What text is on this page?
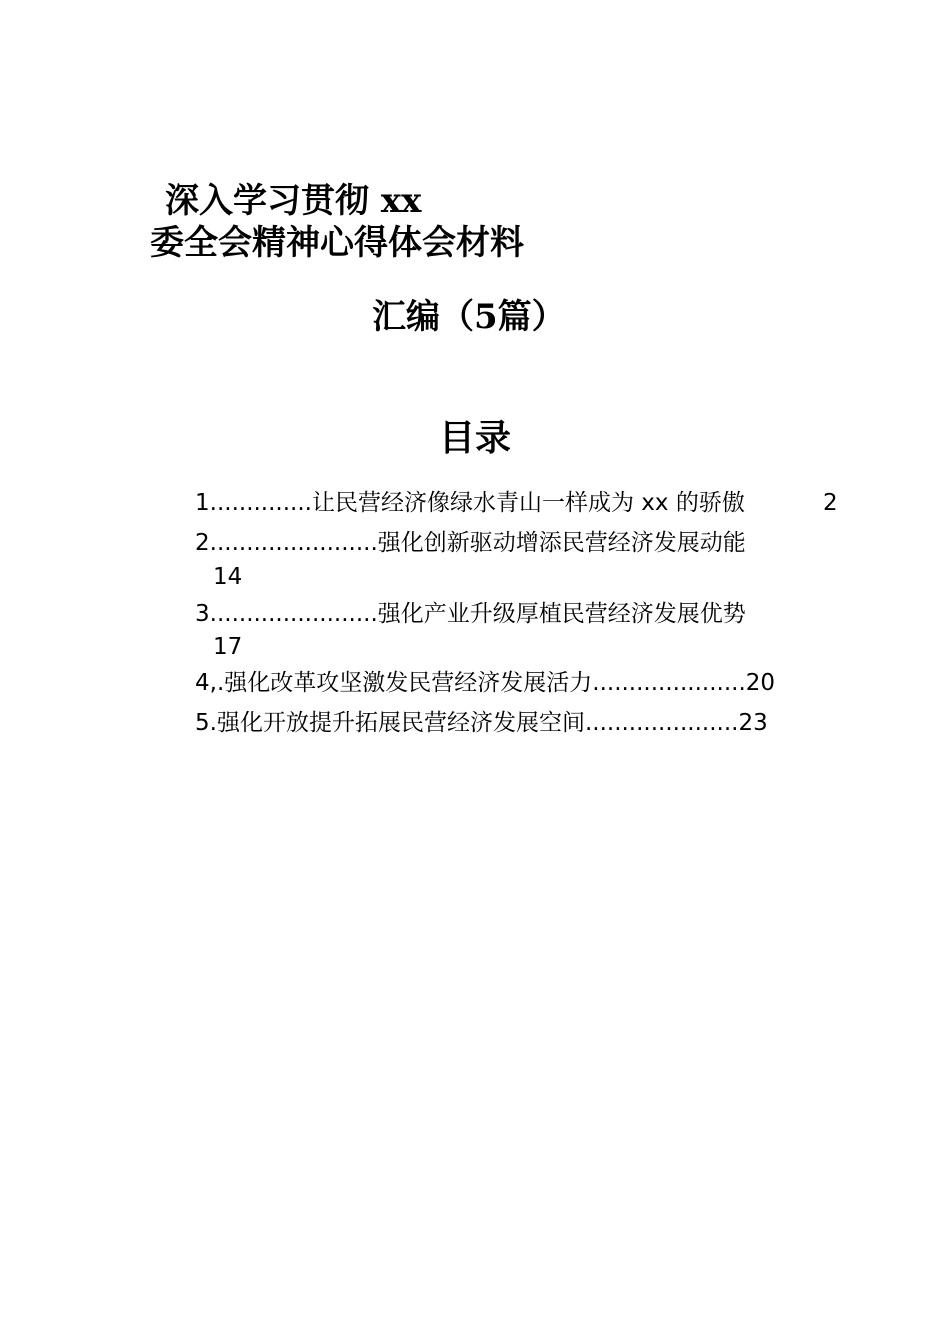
深入学习贯彻 xx
委全会精神心得体会材料
汇编（5篇）
目录
1..............让民营经济像绿水青山一样成为 xx 的骄傲	2
2.......................强化创新驱动增添民营经济发展动能
14
3.......................强化产业升级厚植民营经济发展优势
17
4,.强化改革攻坚激发民营经济发展活力.....................20
5.强化开放提升拓展民营经济发展空间.....................23
